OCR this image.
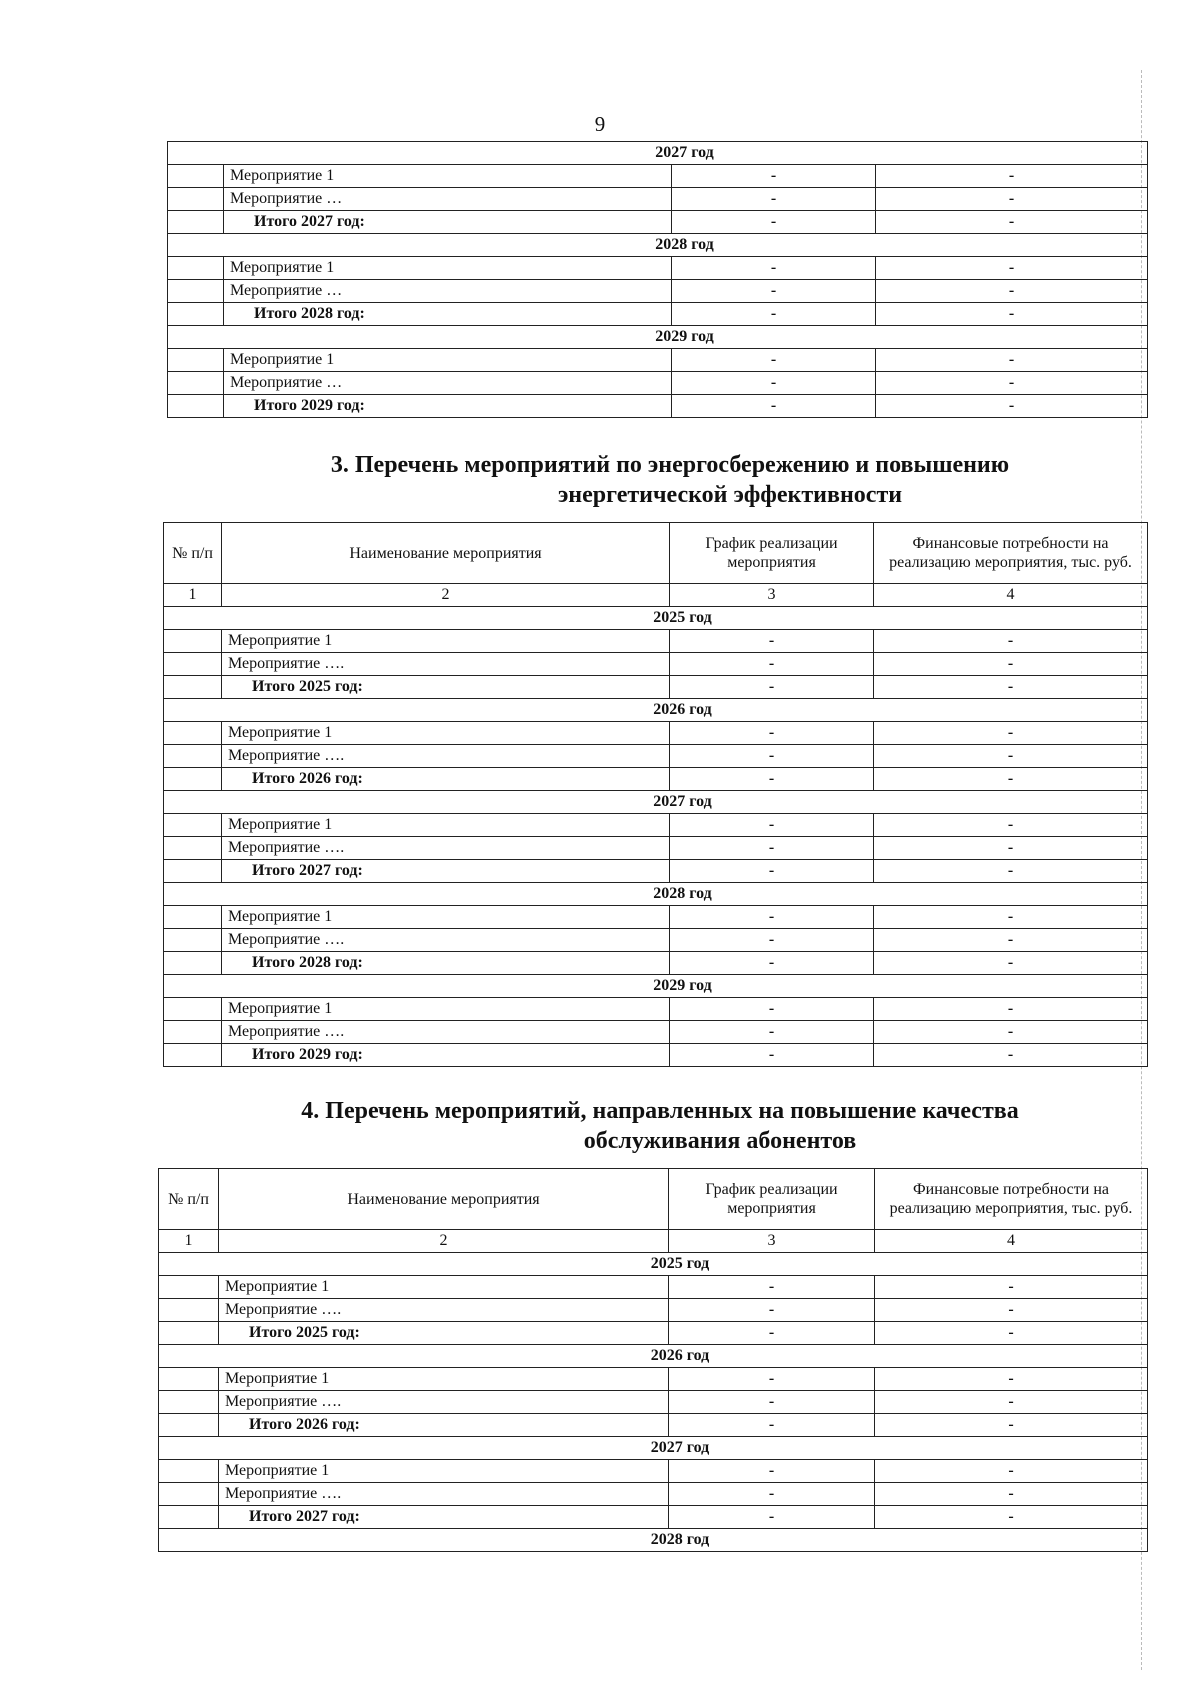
9
2027 год			
	Мероприятие 1	-	-
	Мероприятие …	-	-
	Итого 2027 год:	-	-
2028 год			
	Мероприятие 1	-	-
	Мероприятие …	-	-
	Итого 2028 год:	-	-
2029 год			
	Мероприятие 1	-	-
	Мероприятие …	-	-
	Итого 2029 год:	-	-
3. Перечень мероприятий по энергосбережению и повышению
энергетической эффективности
№ п/п	Наименование мероприятия	График реализации мероприятия	Финансовые потребности на реализацию мероприятия, тыс. руб.
1	2	3	4
2025 год			
	Мероприятие 1	-	-
	Мероприятие ….	-	-
	Итого 2025 год:	-	-
2026 год			
	Мероприятие 1	-	-
	Мероприятие ….	-	-
	Итого 2026 год:	-	-
2027 год			
	Мероприятие 1	-	-
	Мероприятие ….	-	-
	Итого 2027 год:	-	-
2028 год			
	Мероприятие 1	-	-
	Мероприятие ….	-	-
	Итого 2028 год:	-	-
2029 год			
	Мероприятие 1	-	-
	Мероприятие ….	-	-
	Итого 2029 год:	-	-
4. Перечень мероприятий, направленных на повышение качества
обслуживания абонентов
№ п/п	Наименование мероприятия	График реализации мероприятия	Финансовые потребности на реализацию мероприятия, тыс. руб.
1	2	3	4
2025 год			
	Мероприятие 1	-	-
	Мероприятие ….	-	-
	Итого 2025 год:	-	-
2026 год			
	Мероприятие 1	-	-
	Мероприятие ….	-	-
	Итого 2026 год:	-	-
2027 год			
	Мероприятие 1	-	-
	Мероприятие ….	-	-
	Итого 2027 год:	-	-
2028 год			
